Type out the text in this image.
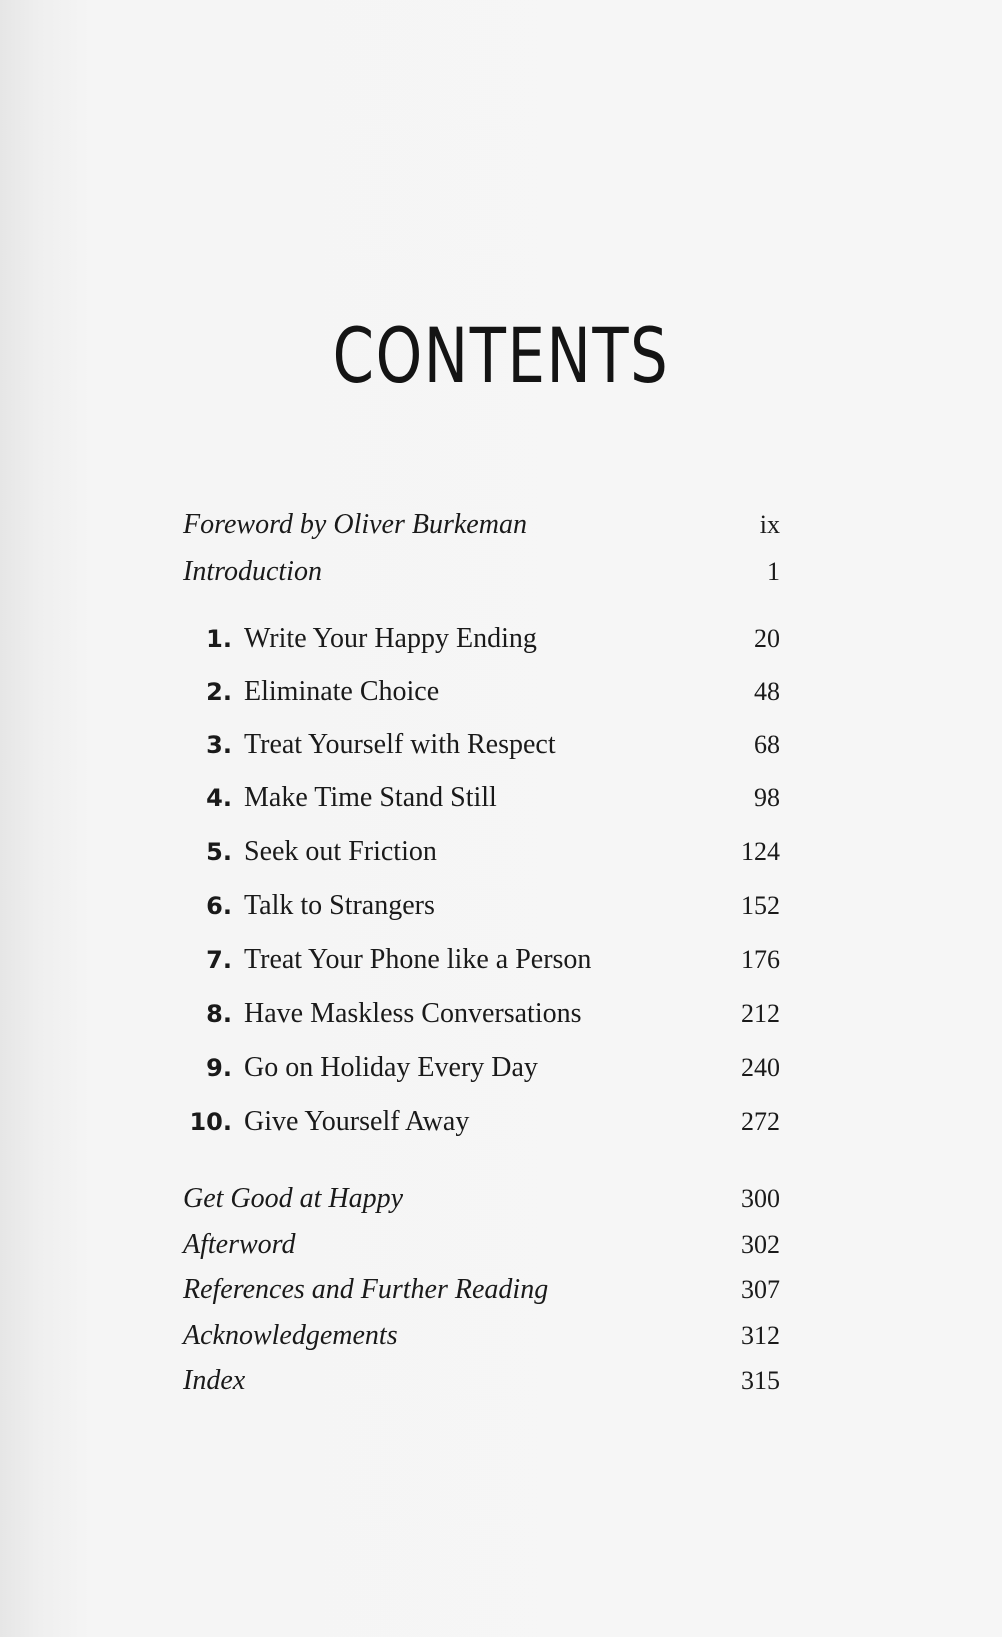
CONTENTS
Foreword by Oliver Burkeman	ix
Introduction	1
1. Write Your Happy Ending	20
2. Eliminate Choice	48
3. Treat Yourself with Respect	68
4. Make Time Stand Still	98
5. Seek out Friction	124
6. Talk to Strangers	152
7. Treat Your Phone like a Person	176
8. Have Maskless Conversations	212
9. Go on Holiday Every Day	240
10. Give Yourself Away	272
Get Good at Happy	300
Afterword	302
References and Further Reading	307
Acknowledgements	312
Index	315
